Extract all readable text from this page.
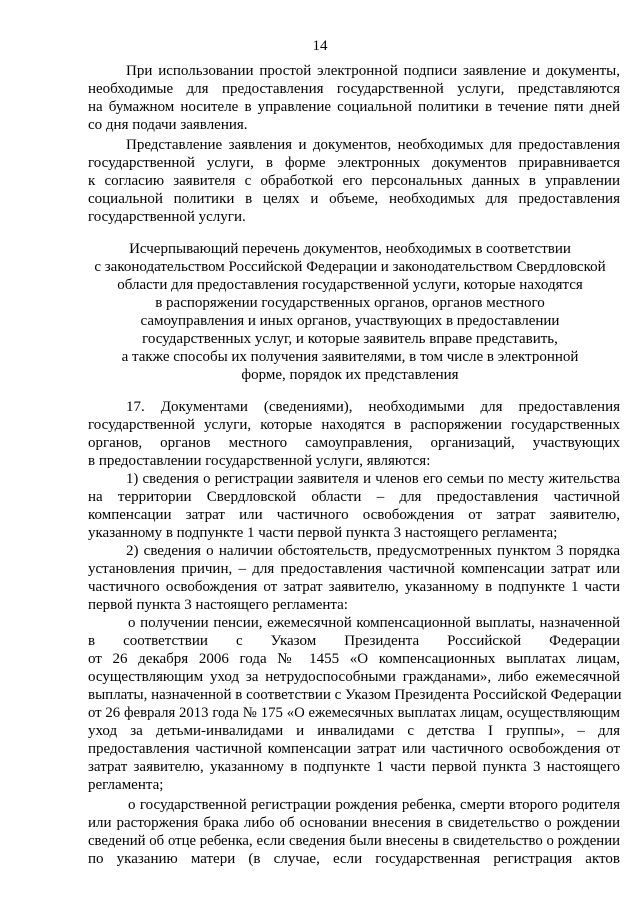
14
При использовании простой электронной подписи заявление и документы,
необходимые для предоставления государственной услуги, представляются
на бумажном носителе в управление социальной политики в течение пяти дней
со дня подачи заявления.
Представление заявления и документов, необходимых для предоставления
государственной услуги, в форме электронных документов приравнивается
к согласию заявителя с обработкой его персональных данных в управлении
социальной политики в целях и объеме, необходимых для предоставления
государственной услуги.
Исчерпывающий перечень документов, необходимых в соответствии
с законодательством Российской Федерации и законодательством Свердловской
области для предоставления государственной услуги, которые находятся
в распоряжении государственных органов, органов местного
самоуправления и иных органов, участвующих в предоставлении
государственных услуг, и которые заявитель вправе представить,
а также способы их получения заявителями, в том числе в электронной
форме, порядок их представления
17. Документами (сведениями), необходимыми для предоставления
государственной услуги, которые находятся в распоряжении государственных
органов, органов местного самоуправления, организаций, участвующих
в предоставлении государственной услуги, являются:
1) сведения о регистрации заявителя и членов его семьи по месту жительства
на территории Свердловской области – для предоставления частичной
компенсации затрат или частичного освобождения от затрат заявителю,
указанному в подпункте 1 части первой пункта 3 настоящего регламента;
2) сведения о наличии обстоятельств, предусмотренных пунктом 3 порядка
установления причин, – для предоставления частичной компенсации затрат или
частичного освобождения от затрат заявителю, указанному в подпункте 1 части
первой пункта 3 настоящего регламента:
о получении пенсии, ежемесячной компенсационной выплаты, назначенной
в соответствии с Указом Президента Российской Федерации
от 26 декабря 2006 года № 1455 «О компенсационных выплатах лицам,
осуществляющим уход за нетрудоспособными гражданами», либо ежемесячной
выплаты, назначенной в соответствии с Указом Президента Российской Федерации
от 26 февраля 2013 года № 175 «О ежемесячных выплатах лицам, осуществляющим
уход за детьми-инвалидами и инвалидами с детства I группы», – для
предоставления частичной компенсации затрат или частичного освобождения от
затрат заявителю, указанному в подпункте 1 части первой пункта 3 настоящего
регламента;
о государственной регистрации рождения ребенка, смерти второго родителя
или расторжения брака либо об основании внесения в свидетельство о рождении
сведений об отце ребенка, если сведения были внесены в свидетельство о рождении
по указанию матери (в случае, если государственная регистрация актов
